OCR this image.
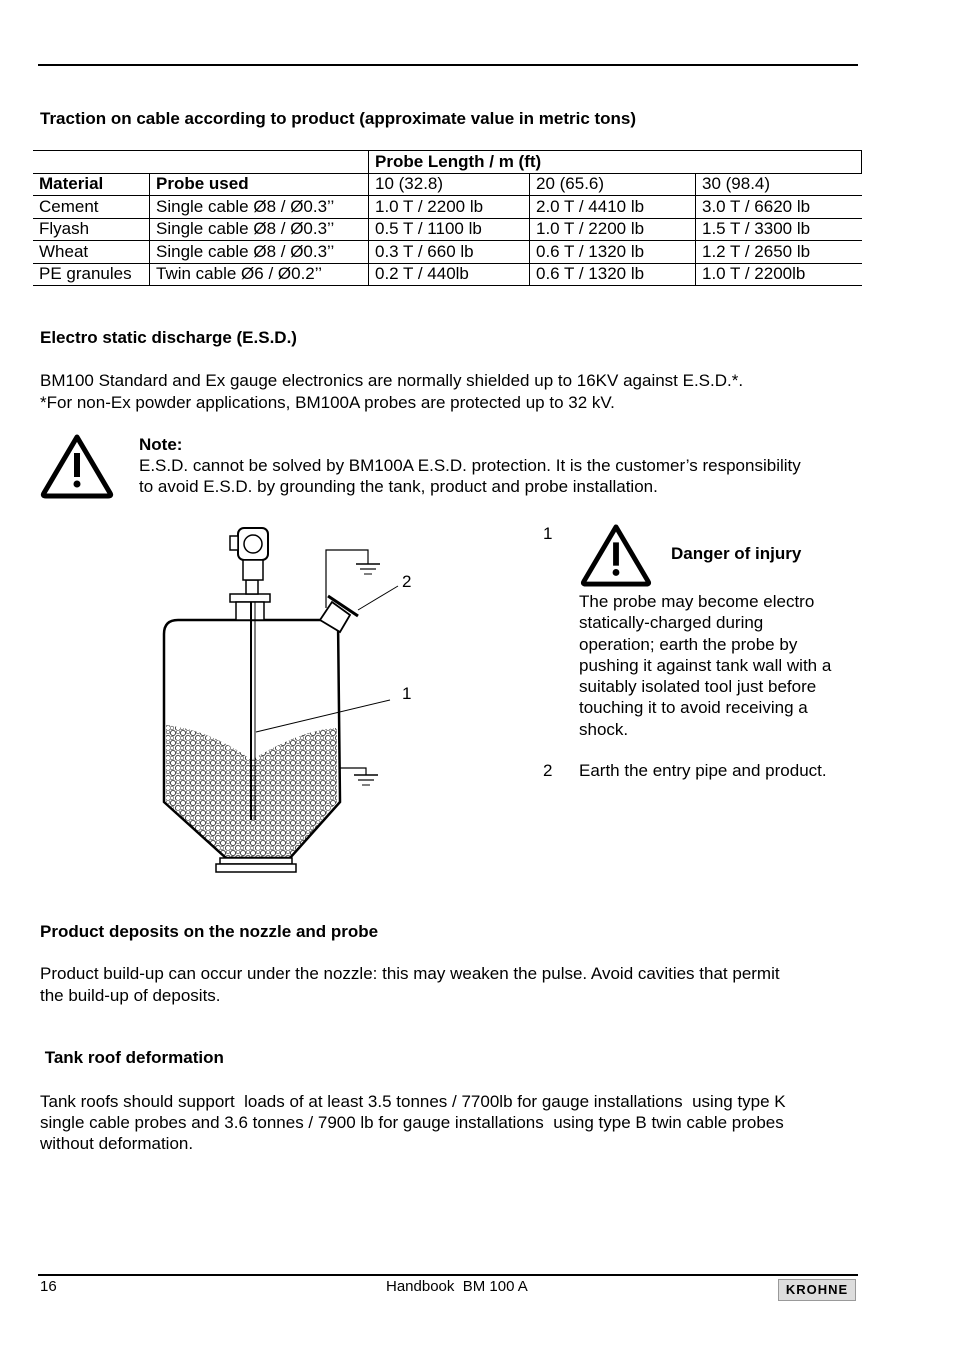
Traction on cable according to product (approximate value in metric tons)
		Probe Length / m (ft)		
Material	Probe used	10 (32.8)	20 (65.6)	30 (98.4)
Cement	Single cable Ø8 / Ø0.3’’	1.0 T / 2200 lb	2.0 T / 4410 lb	3.0 T / 6620 lb
Flyash	Single cable Ø8 / Ø0.3’’	0.5 T / 1100 lb	1.0 T / 2200 lb	1.5 T / 3300 lb
Wheat	Single cable Ø8 / Ø0.3’’	0.3 T / 660 lb	0.6 T / 1320 lb	1.2 T / 2650 lb
PE granules	Twin cable Ø6 / Ø0.2’’	0.2 T / 440lb	0.6 T / 1320 lb	1.0 T / 2200lb
Electro static discharge (E.S.D.)
BM100 Standard and Ex gauge electronics are normally shielded up to 16KV against E.S.D.*.
*For non-Ex powder applications, BM100A probes are protected up to 32 kV.
Note:
E.S.D. cannot be solved by BM100A E.S.D. protection. It is the customer’s responsibility
to avoid E.S.D. by grounding the tank, product and probe installation.
2
1
1
Danger of injury
The probe may become electro
statically-charged during
operation; earth the probe by
pushing it against tank wall with a
suitably isolated tool just before
touching it to avoid receiving a
shock.
2 Earth the entry pipe and product.
Product deposits on the nozzle and probe
Product build-up can occur under the nozzle: this may weaken the pulse. Avoid cavities that permit
the build-up of deposits.
Tank roof deformation
Tank roofs should support  loads of at least 3.5 tonnes / 7700lb for gauge installations  using type K
single cable probes and 3.6 tonnes / 7900 lb for gauge installations  using type B twin cable probes
without deformation.
16	Handbook  BM 100 A	KROHNE
